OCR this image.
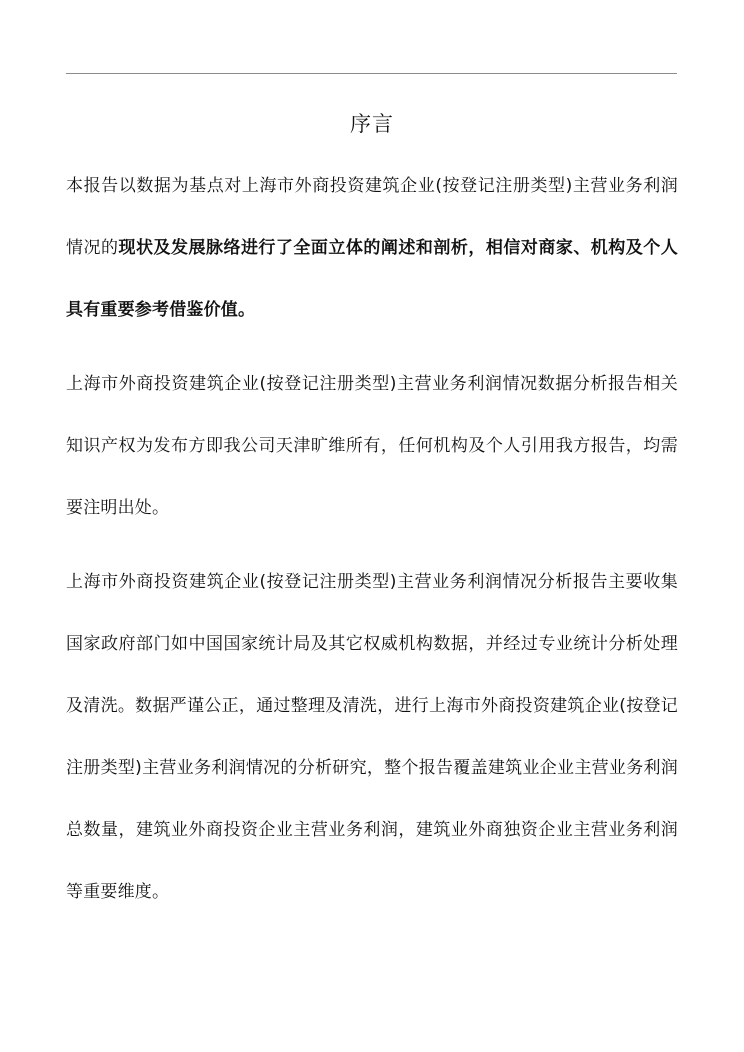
序言

本报告以数据为基点对上海市外商投资建筑企业(按登记注册类型)主营业务利润情况的现状及发展脉络进行了全面立体的阐述和剖析，相信对商家、机构及个人具有重要参考借鉴价值。

上海市外商投资建筑企业(按登记注册类型)主营业务利润情况数据分析报告相关知识产权为发布方即我公司天津旷维所有，任何机构及个人引用我方报告，均需要注明出处。

上海市外商投资建筑企业(按登记注册类型)主营业务利润情况分析报告主要收集国家政府部门如中国国家统计局及其它权威机构数据，并经过专业统计分析处理及清洗。数据严谨公正，通过整理及清洗，进行上海市外商投资建筑企业(按登记注册类型)主营业务利润情况的分析研究，整个报告覆盖建筑业企业主营业务利润总数量，建筑业外商投资企业主营业务利润，建筑业外商独资企业主营业务利润等重要维度。
